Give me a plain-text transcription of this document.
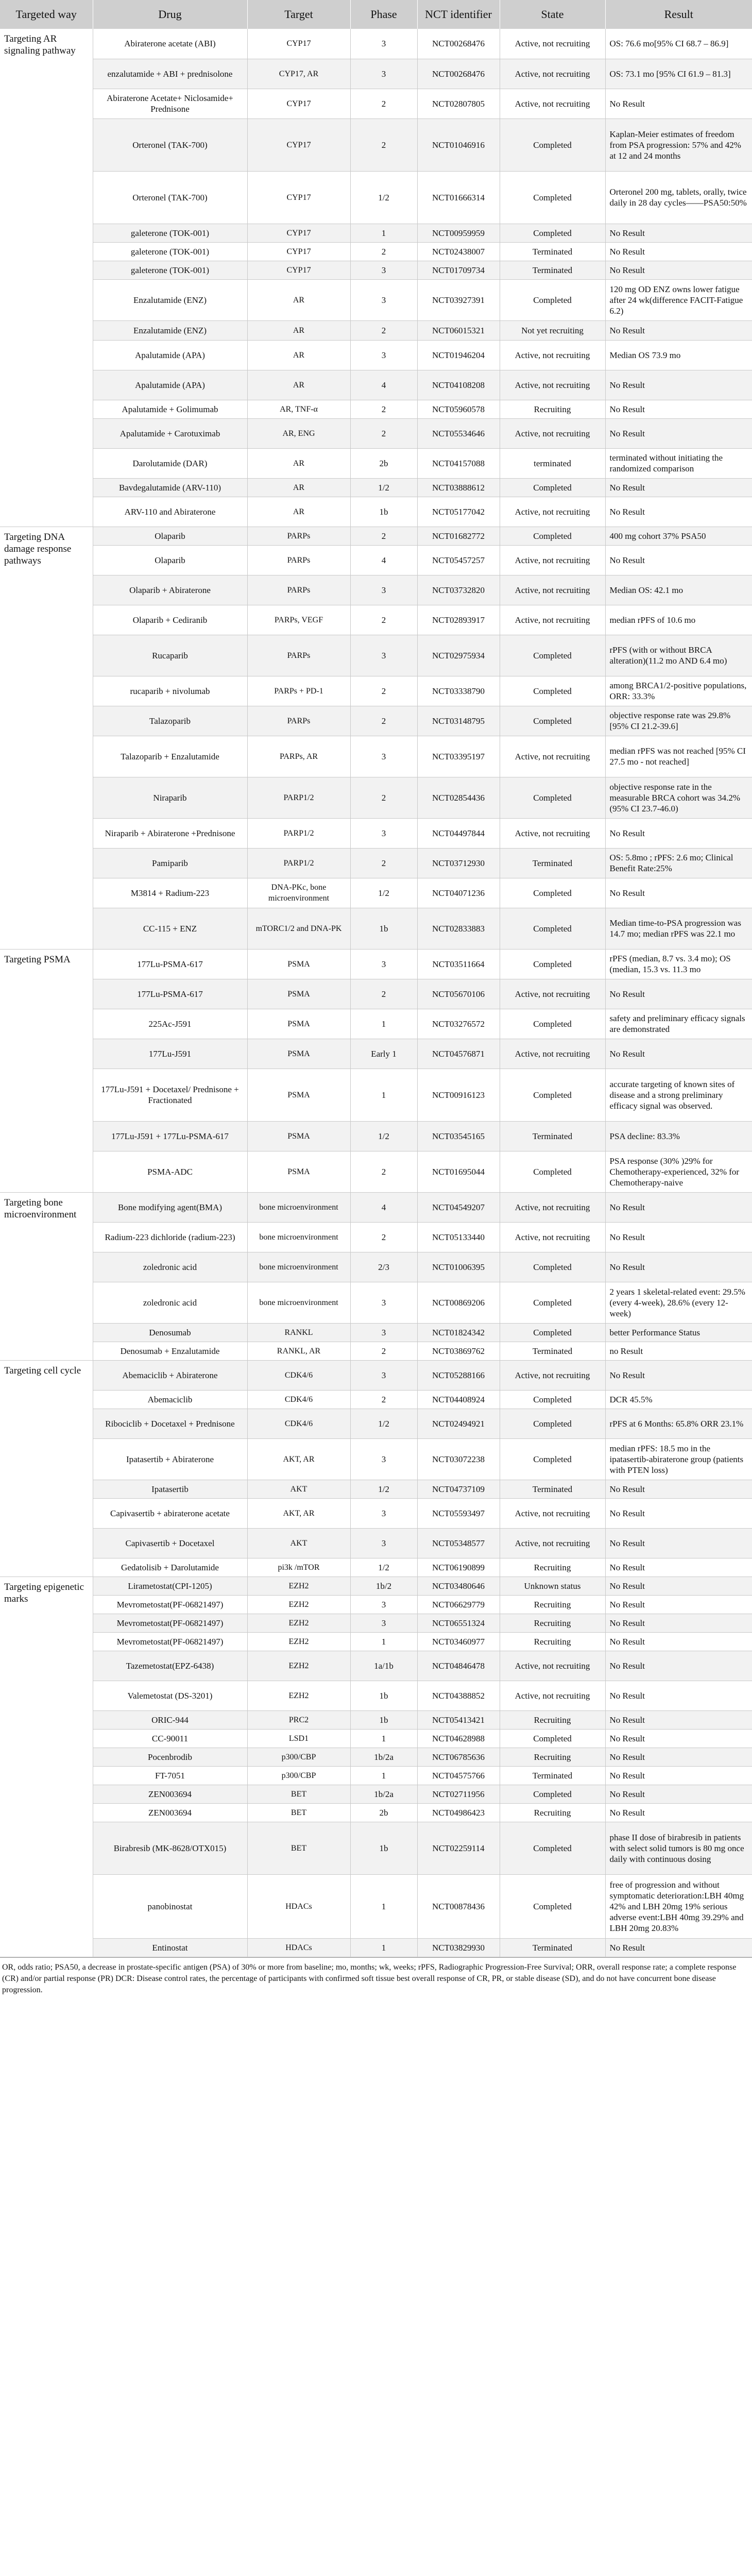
Targeted way	Drug	Target	Phase	NCT identifier	State	Result
Targeting AR signaling pathway	Abiraterone acetate (ABI)	CYP17	3	NCT00268476	Active, not recruiting	OS: 76.6 mo[95% CI 68.7 – 86.9]
	enzalutamide + ABI + prednisolone	CYP17, AR	3	NCT00268476	Active, not recruiting	OS: 73.1 mo [95% CI 61.9 – 81.3]
	Abiraterone Acetate+ Niclosamide+ Prednisone	CYP17	2	NCT02807805	Active, not recruiting	No Result
	Orteronel (TAK-700)	CYP17	2	NCT01046916	Completed	Kaplan-Meier estimates of freedom from PSA progression: 57% and 42% at 12 and 24 months
	Orteronel (TAK-700)	CYP17	1/2	NCT01666314	Completed	Orteronel 200 mg, tablets, orally, twice daily in 28 day cycles——PSA50:50%
	galeterone (TOK-001)	CYP17	1	NCT00959959	Completed	No Result
	galeterone (TOK-001)	CYP17	2	NCT02438007	Terminated	No Result
	galeterone (TOK-001)	CYP17	3	NCT01709734	Terminated	No Result
	Enzalutamide (ENZ)	AR	3	NCT03927391	Completed	120 mg OD ENZ owns lower fatigue after 24 wk(difference FACIT-Fatigue 6.2)
	Enzalutamide (ENZ)	AR	2	NCT06015321	Not yet recruiting	No Result
	Apalutamide (APA)	AR	3	NCT01946204	Active, not recruiting	Median OS 73.9 mo
	Apalutamide (APA)	AR	4	NCT04108208	Active, not recruiting	No Result
	Apalutamide + Golimumab	AR, TNF-α	2	NCT05960578	Recruiting	No Result
	Apalutamide + Carotuximab	AR, ENG	2	NCT05534646	Active, not recruiting	No Result
	Darolutamide (DAR)	AR	2b	NCT04157088	terminated	terminated without initiating the randomized comparison
	Bavdegalutamide (ARV-110)	AR	1/2	NCT03888612	Completed	No Result
	ARV-110 and Abiraterone	AR	1b	NCT05177042	Active, not recruiting	No Result
Targeting DNA damage response pathways	Olaparib	PARPs	2	NCT01682772	Completed	400 mg cohort 37% PSA50
	Olaparib	PARPs	4	NCT05457257	Active, not recruiting	No Result
	Olaparib + Abiraterone	PARPs	3	NCT03732820	Active, not recruiting	Median OS: 42.1 mo
	Olaparib + Cediranib	PARPs, VEGF	2	NCT02893917	Active, not recruiting	median rPFS of 10.6 mo
	Rucaparib	PARPs	3	NCT02975934	Completed	rPFS (with or without BRCA alteration)(11.2 mo AND 6.4 mo)
	rucaparib + nivolumab	PARPs + PD-1	2	NCT03338790	Completed	among BRCA1/2-positive populations, ORR: 33.3%
	Talazoparib	PARPs	2	NCT03148795	Completed	objective response rate was 29.8% [95% CI 21.2-39.6]
	Talazoparib + Enzalutamide	PARPs, AR	3	NCT03395197	Active, not recruiting	median rPFS was not reached [95% CI 27.5 mo - not reached]
	Niraparib	PARP1/2	2	NCT02854436	Completed	objective response rate in the measurable BRCA cohort was 34.2% (95% CI 23.7-46.0)
	Niraparib + Abiraterone +Prednisone	PARP1/2	3	NCT04497844	Active, not recruiting	No Result
	Pamiparib	PARP1/2	2	NCT03712930	Terminated	OS: 5.8mo ; rPFS: 2.6 mo; Clinical Benefit Rate:25%
	M3814 + Radium-223	DNA-PKc, bone microenvironment	1/2	NCT04071236	Completed	No Result
	CC-115 + ENZ	mTORC1/2 and DNA-PK	1b	NCT02833883	Completed	Median time-to-PSA progression was 14.7 mo; median rPFS was 22.1 mo
Targeting PSMA	177Lu-PSMA-617	PSMA	3	NCT03511664	Completed	rPFS (median, 8.7 vs. 3.4 mo); OS (median, 15.3 vs. 11.3 mo
	177Lu-PSMA-617	PSMA	2	NCT05670106	Active, not recruiting	No Result
	225Ac-J591	PSMA	1	NCT03276572	Completed	safety and preliminary efficacy signals are demonstrated
	177Lu-J591	PSMA	Early 1	NCT04576871	Active, not recruiting	No Result
	177Lu-J591 + Docetaxel/ Prednisone + Fractionated	PSMA	1	NCT00916123	Completed	accurate targeting of known sites of disease and a strong preliminary efficacy signal was observed.
	177Lu-J591 + 177Lu-PSMA-617	PSMA	1/2	NCT03545165	Terminated	PSA decline: 83.3%
	PSMA-ADC	PSMA	2	NCT01695044	Completed	PSA response (30% )29% for Chemotherapy-experienced, 32% for Chemotherapy-naive
Targeting bone microenvironment	Bone modifying agent(BMA)	bone microenvironment	4	NCT04549207	Active, not recruiting	No Result
	Radium-223 dichloride (radium-223)	bone microenvironment	2	NCT05133440	Active, not recruiting	No Result
	zoledronic acid	bone microenvironment	2/3	NCT01006395	Completed	No Result
	zoledronic acid	bone microenvironment	3	NCT00869206	Completed	2 years 1 skeletal-related event: 29.5%(every 4-week), 28.6% (every 12-week)
	Denosumab	RANKL	3	NCT01824342	Completed	better Performance Status
	Denosumab + Enzalutamide	RANKL, AR	2	NCT03869762	Terminated	no Result
Targeting cell cycle	Abemaciclib + Abiraterone	CDK4/6	3	NCT05288166	Active, not recruiting	No Result
	Abemaciclib	CDK4/6	2	NCT04408924	Completed	DCR 45.5%
	Ribociclib + Docetaxel + Prednisone	CDK4/6	1/2	NCT02494921	Completed	rPFS at 6 Months: 65.8% ORR 23.1%
	Ipatasertib + Abiraterone	AKT, AR	3	NCT03072238	Completed	median rPFS: 18.5 mo in the ipatasertib-abiraterone group (patients with PTEN loss)
	Ipatasertib	AKT	1/2	NCT04737109	Terminated	No Result
	Capivasertib + abiraterone acetate	AKT, AR	3	NCT05593497	Active, not recruiting	No Result
	Capivasertib + Docetaxel	AKT	3	NCT05348577	Active, not recruiting	No Result
	Gedatolisib + Darolutamide	pi3k /mTOR	1/2	NCT06190899	Recruiting	No Result
Targeting epigenetic marks	Lirametostat(CPI-1205)	EZH2	1b/2	NCT03480646	Unknown status	No Result
	Mevrometostat(PF-06821497)	EZH2	3	NCT06629779	Recruiting	No Result
	Mevrometostat(PF-06821497)	EZH2	3	NCT06551324	Recruiting	No Result
	Mevrometostat(PF-06821497)	EZH2	1	NCT03460977	Recruiting	No Result
	Tazemetostat(EPZ-6438)	EZH2	1a/1b	NCT04846478	Active, not recruiting	No Result
	Valemetostat (DS-3201)	EZH2	1b	NCT04388852	Active, not recruiting	No Result
	ORIC-944	PRC2	1b	NCT05413421	Recruiting	No Result
	CC-90011	LSD1	1	NCT04628988	Completed	No Result
	Pocenbrodib	p300/CBP	1b/2a	NCT06785636	Recruiting	No Result
	FT-7051	p300/CBP	1	NCT04575766	Terminated	No Result
	ZEN003694	BET	1b/2a	NCT02711956	Completed	No Result
	ZEN003694	BET	2b	NCT04986423	Recruiting	No Result
	Birabresib (MK-8628/OTX015)	BET	1b	NCT02259114	Completed	phase II dose of birabresib in patients with select solid tumors is 80 mg once daily with continuous dosing
	panobinostat	HDACs	1	NCT00878436	Completed	free of progression and without symptomatic deterioration:LBH 40mg 42% and LBH 20mg 19% serious adverse event:LBH 40mg 39.29% and LBH 20mg 20.83%
	Entinostat	HDACs	1	NCT03829930	Terminated	No Result
OR, odds ratio; PSA50, a decrease in prostate-specific antigen (PSA) of 30% or more from baseline; mo, months; wk, weeks; rPFS, Radiographic Progression-Free Survival; ORR, overall response rate; a complete response (CR) and/or partial response (PR) DCR: Disease control rates, the percentage of participants with confirmed soft tissue best overall response of CR, PR, or stable disease (SD), and do not have concurrent bone disease progression.
